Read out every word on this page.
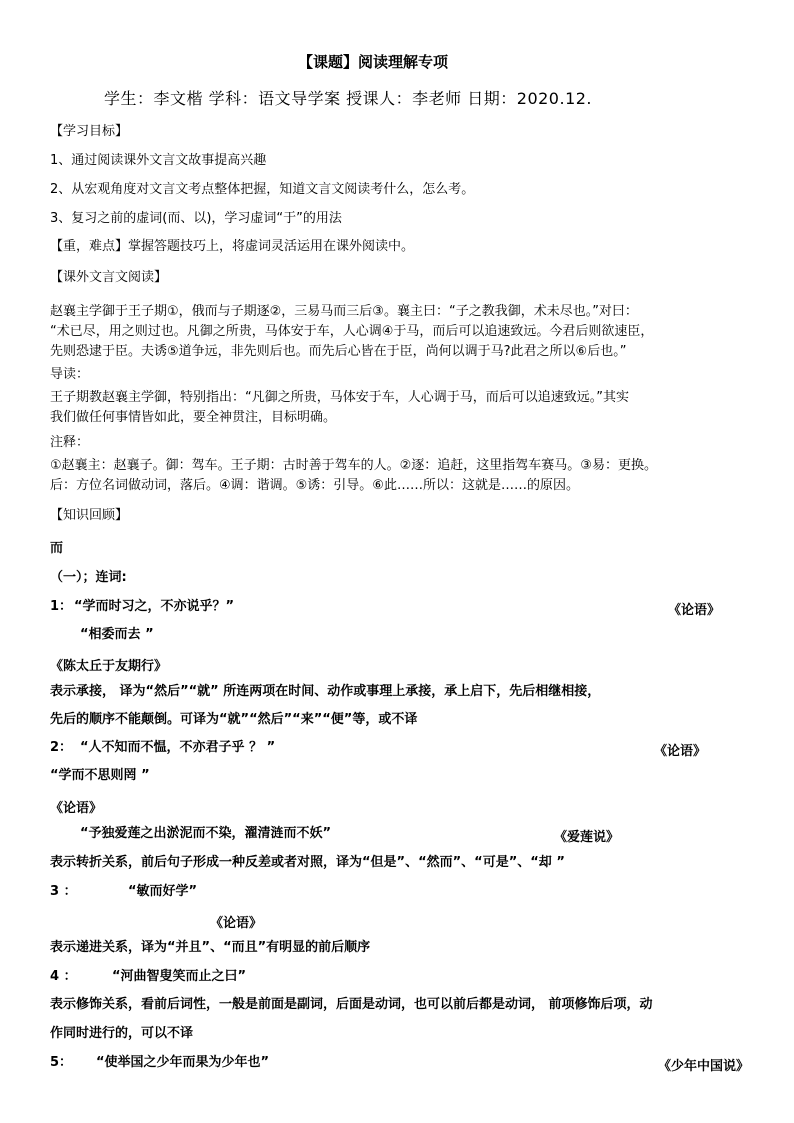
【课题】阅读理解专项
学生：李文楷 学科：语文导学案 授课人：李老师 日期：2020.12.
【学习目标】
1、通过阅读课外文言文故事提高兴趣
2、从宏观角度对文言文考点整体把握，知道文言文阅读考什么，怎么考。
3、复习之前的虚词(而、以)，学习虚词“于”的用法
【重，难点】掌握答题技巧上，将虚词灵活运用在课外阅读中。
【课外文言文阅读】
赵襄主学御于王子期①，俄而与子期逐②，三易马而三后③。襄主曰：“子之教我御，术未尽也。”对曰：
“术已尽，用之则过也。凡御之所贵，马体安于车，人心调④于马，而后可以追速致远。今君后则欲速臣，
先则恐逮于臣。夫诱⑤道争远，非先则后也。而先后心皆在于臣，尚何以调于马?此君之所以⑥后也。”
导读：
王子期教赵襄主学御，特别指出：“凡御之所贵，马体安于车，人心调于马，而后可以追速致远。”其实
我们做任何事情皆如此，要全神贯注，目标明确。
注释：
①赵襄主：赵襄子。御：驾车。王子期：古时善于驾车的人。②逐：追赶，这里指驾车赛马。③易：更换。
后：方位名词做动词，落后。④调：谐调。⑤诱：引导。⑥此……所以：这就是……的原因。
【知识回顾】
而
（一）；连词:
1： “学而时习之，不亦说乎？”	《论语》
“相委而去 ”
《陈太丘于友期行》
表示承接， 译为“然后”“就” 所连两项在时间、动作或事理上承接，承上启下，先后相继相接，
先后的顺序不能颠倒。可译为“就”“然后”“来”“便”等，或不译
2： “人不知而不愠，不亦君子乎 ？ ”	《论语》
“学而不思则罔 ”
《论语》
“予独爱莲之出淤泥而不染，濯清涟而不妖”	《爱莲说》
表示转折关系，前后句子形成一种反差或者对照，译为“但是”、“然而”、“可是”、“却 ”
3 ：	“敏而好学”
《论语》
表示递进关系，译为“并且”、“而且”有明显的前后顺序
4 ：	“河曲智叟笑而止之曰”
表示修饰关系，看前后词性，一般是前面是副词，后面是动词，也可以前后都是动词， 前项修饰后项，动
作同时进行的，可以不译
5： “使举国之少年而果为少年也”	《少年中国说》
